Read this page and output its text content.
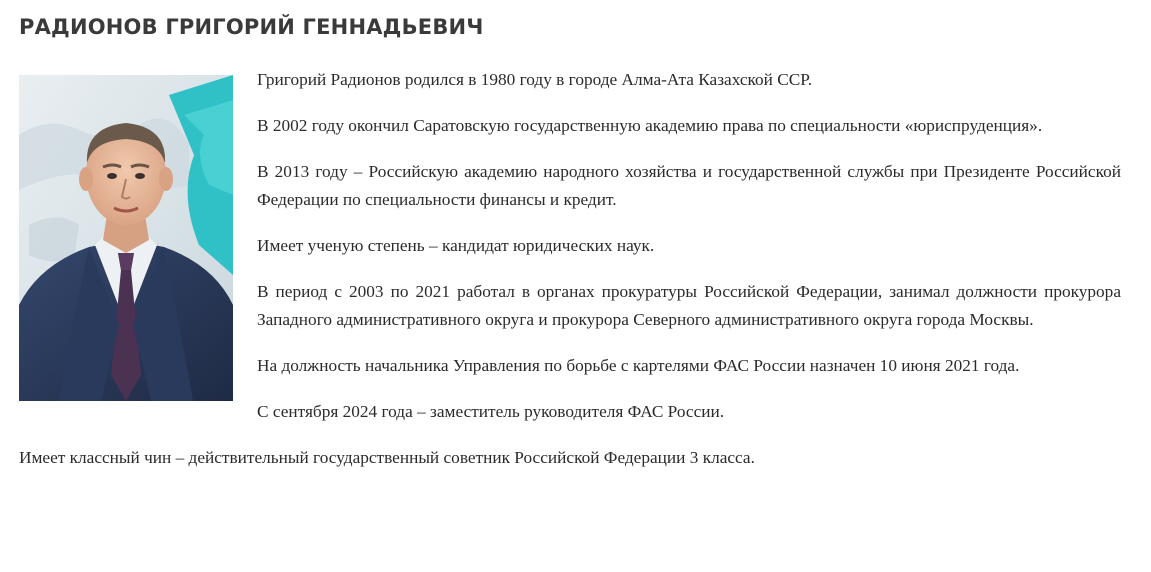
РАДИОНОВ ГРИГОРИЙ ГЕННАДЬЕВИЧ

Григорий Радионов родился в 1980 году в городе Алма-Ата Казахской ССР.

В 2002 году окончил Саратовскую государственную академию права по специальности «юриспруденция».

В 2013 году – Российскую академию народного хозяйства и государственной службы при Президенте Российской Федерации по специальности финансы и кредит.

Имеет ученую степень – кандидат юридических наук.

В период с 2003 по 2021 работал в органах прокуратуры Российской Федерации, занимал должности прокурора Западного административного округа и прокурора Северного административного округа города Москвы.

На должность начальника Управления по борьбе с картелями ФАС России назначен 10 июня 2021 года.

С сентября 2024 года – заместитель руководителя ФАС России.

Имеет классный чин – действительный государственный советник Российской Федерации 3 класса.
